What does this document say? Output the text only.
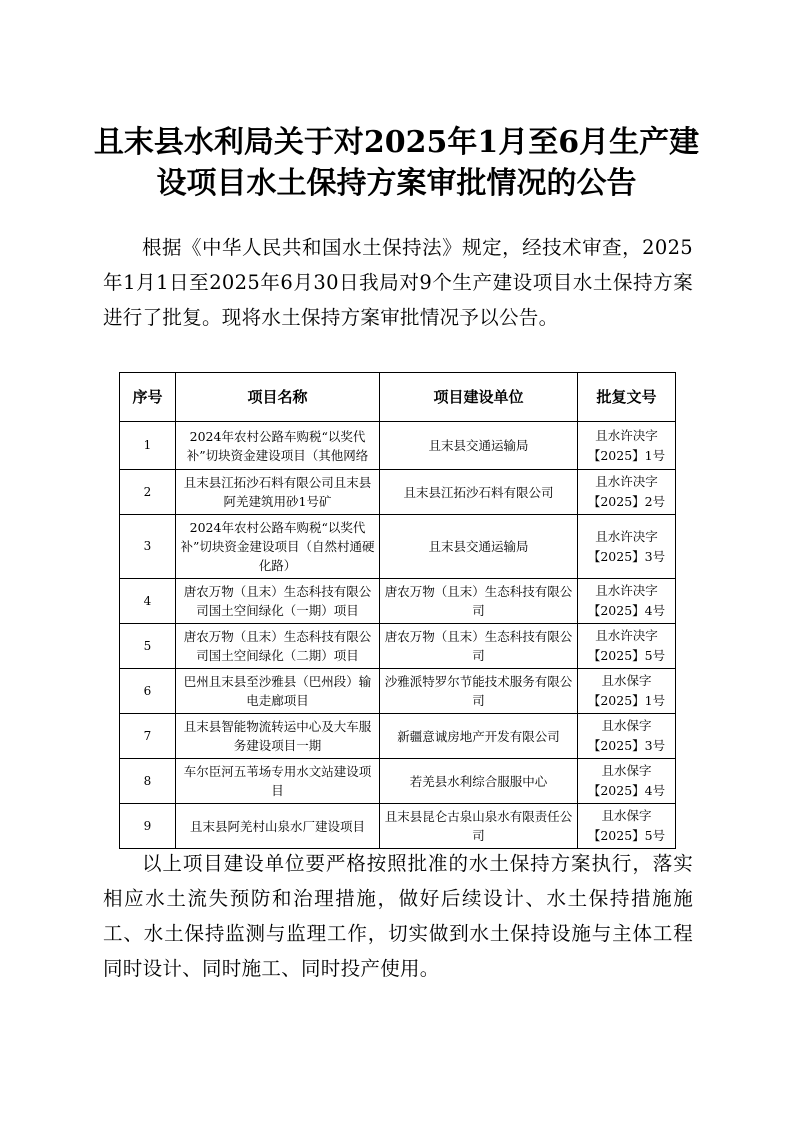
且末县水利局关于对2025年1月至6月生产建
设项目水土保持方案审批情况的公告

根据《中华人民共和国水土保持法》规定，经技术审查，2025年1月1日至2025年6月30日我局对9个生产建设项目水土保持方案进行了批复。现将水土保持方案审批情况予以公告。

序号	项目名称	项目建设单位	批复文号
1	2024年农村公路车购税“以奖代补”切块资金建设项目（其他网络	且末县交通运输局	且水许决字
【2025】1号
2	且末县江拓沙石料有限公司且末县阿羌建筑用砂1号矿	且末县江拓沙石料有限公司	且水许决字
【2025】2号
3	2024年农村公路车购税“以奖代补”切块资金建设项目（自然村通硬化路）	且末县交通运输局	且水许决字
【2025】3号
4	唐农万物（且末）生态科技有限公司国土空间绿化（一期）项目	唐农万物（且末）生态科技有限公司	且水许决字
【2025】4号
5	唐农万物（且末）生态科技有限公司国土空间绿化（二期）项目	唐农万物（且末）生态科技有限公司	且水许决字
【2025】5号
6	巴州且末县至沙雅县（巴州段）输电走廊项目	沙雅派特罗尔节能技术服务有限公司	且水保字
【2025】1号
7	且末县智能物流转运中心及大车服务建设项目一期	新疆意诚房地产开发有限公司	且水保字
【2025】3号
8	车尔臣河五苇场专用水文站建设项目	若羌县水利综合服服中心	且水保字
【2025】4号
9	且末县阿羌村山泉水厂建设项目	且末县昆仑古泉山泉水有限责任公司	且水保字
【2025】5号

以上项目建设单位要严格按照批准的水土保持方案执行，落实相应水土流失预防和治理措施，做好后续设计、水土保持措施施工、水土保持监测与监理工作，切实做到水土保持设施与主体工程同时设计、同时施工、同时投产使用。
